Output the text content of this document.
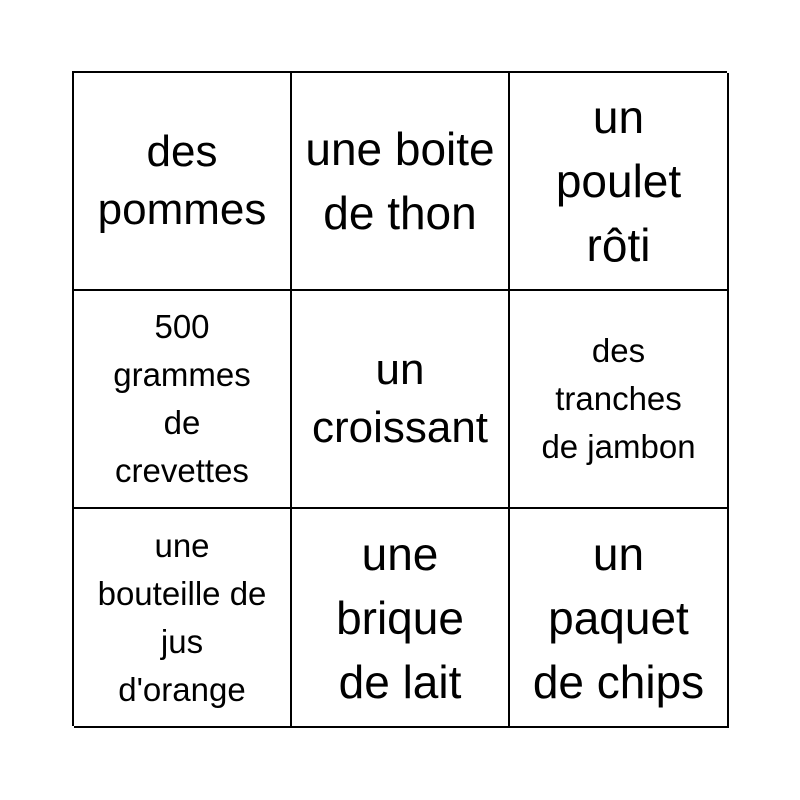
des pommes
une boite de thon
un poulet rôti
500 grammes de crevettes
un croissant
des tranches de jambon
une bouteille de jus d'orange
une brique de lait
un paquet de chips
